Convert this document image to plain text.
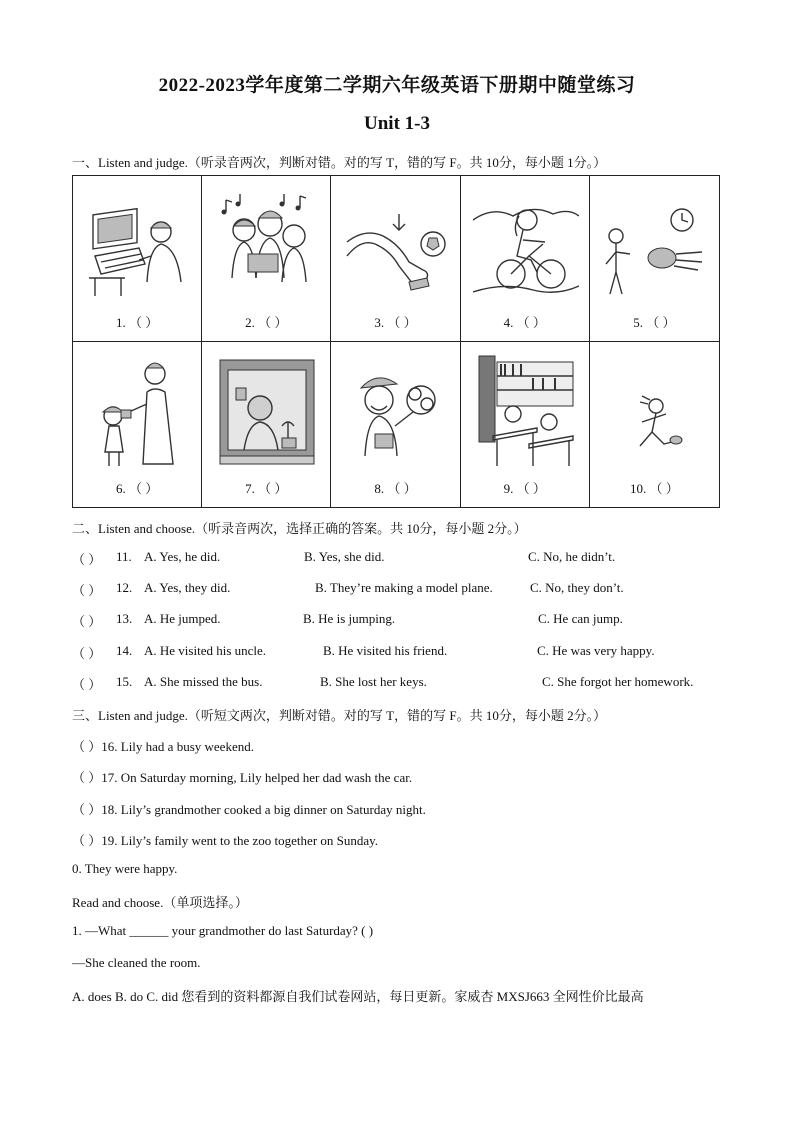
2022-2023学年度第二学期六年级英语下册期中随堂练习
Unit 1-3
一、Listen and judge.（听录音两次，判断对错。对的写 T，错的写 F。共 10分，每小题 1分。）
1. （ ）	2. （ ）	3. （ ）	4. （ ）	5. （ ）
6. （ ）	7. （ ）	8. （ ）	9. （ ）	10. （ ）
二、Listen and choose.（听录音两次，选择正确的答案。共 10分，每小题 2分。）
（ ） 11. A. Yes, he did.	B. Yes, she did.	C. No, he didn’t.
（ ） 12. A. Yes, they did.	B. They’re making a model plane.	C. No, they don’t.
（ ） 13. A. He jumped.	B. He is jumping.	C. He can jump.
（ ） 14. A. He visited his uncle.	B. He visited his friend.	C. He was very happy.
（ ） 15. A. She missed the bus.	B. She lost her keys.	C. She forgot her homework.
三、Listen and judge.（听短文两次，判断对错。对的写 T，错的写 F。共 10分，每小题 2分。）
（ ）16. Lily had a busy weekend.
（ ）17. On Saturday morning, Lily helped her dad wash the car.
（ ）18. Lily’s grandmother cooked a big dinner on Saturday night.
（ ）19. Lily’s family went to the zoo together on Sunday.
0. They were happy.
Read and choose.（单项选择。）
1. —What ______ your grandmother do last Saturday? ( )
—She cleaned the room.
A. does B. do C. did 您看到的资料都源自我们试卷网站，每日更新。家威杏 MXSJ663 全网性价比最高
